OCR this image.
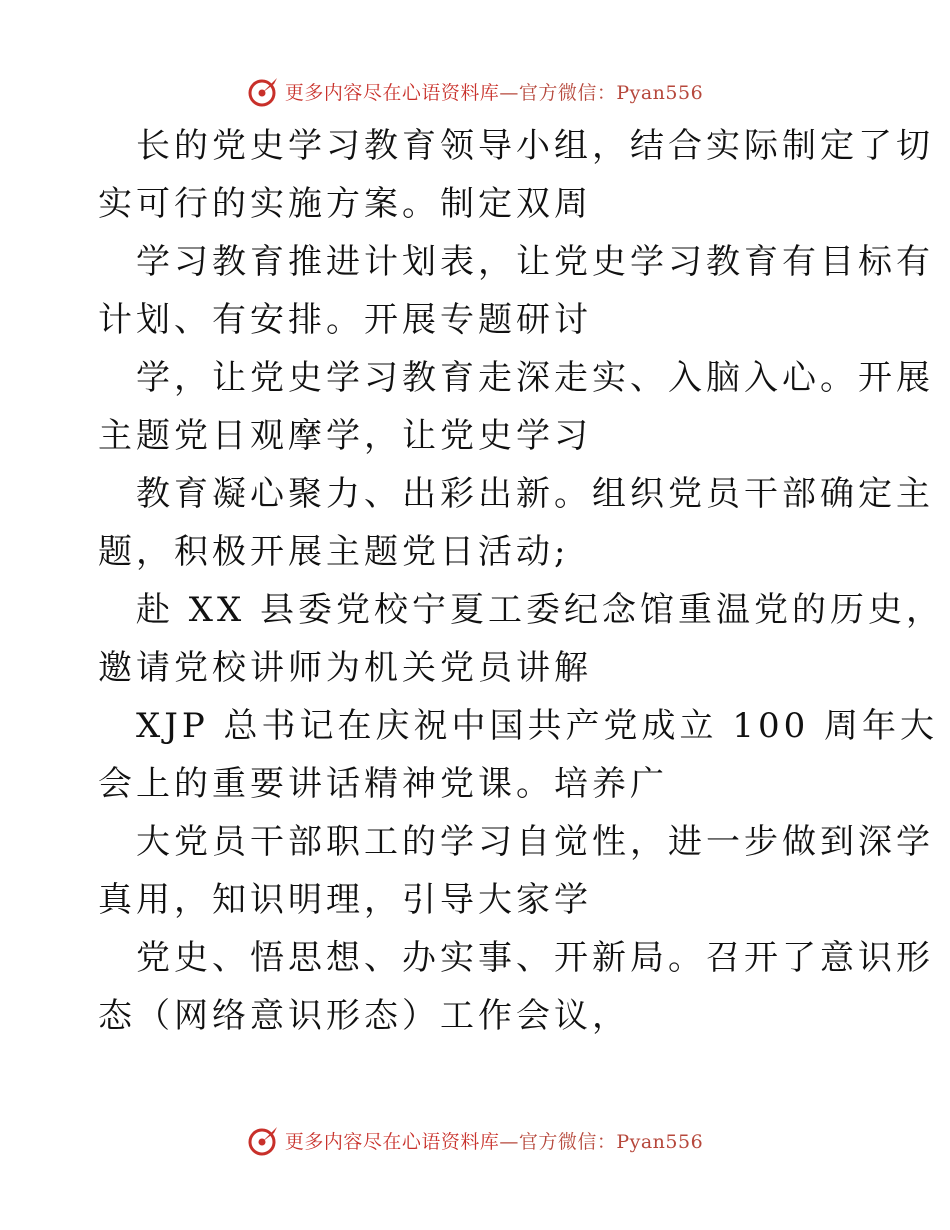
更多内容尽在心语资料库—官方微信：Pyan556
长的党史学习教育领导小组，结合实际制定了切
实可行的实施方案。制定双周
学习教育推进计划表，让党史学习教育有目标有
计划、有安排。开展专题研讨
学，让党史学习教育走深走实、入脑入心。开展
主题党日观摩学，让党史学习
教育凝心聚力、出彩出新。组织党员干部确定主
题，积极开展主题党日活动;
赴 XX 县委党校宁夏工委纪念馆重温党的历史，
邀请党校讲师为机关党员讲解
XJP 总书记在庆祝中国共产党成立 100 周年大
会上的重要讲话精神党课。培养广
大党员干部职工的学习自觉性，进一步做到深学
真用，知识明理，引导大家学
党史、悟思想、办实事、开新局。召开了意识形
态（网络意识形态）工作会议，
更多内容尽在心语资料库—官方微信：Pyan556
